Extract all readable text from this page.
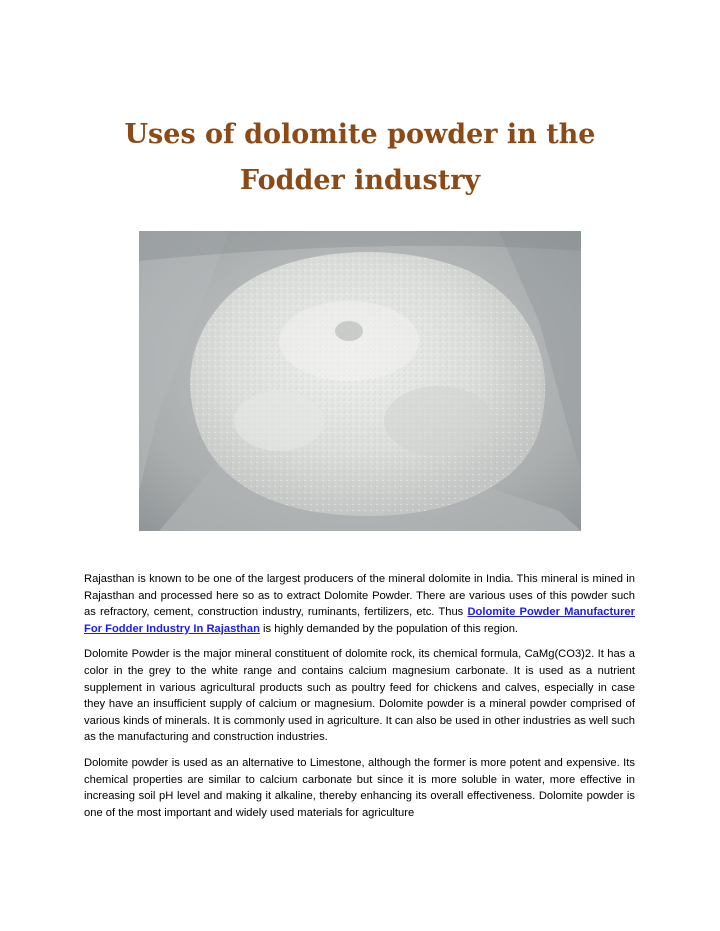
Uses of dolomite powder in the
Fodder industry

Rajasthan is known to be one of the largest producers of the mineral dolomite in India. This mineral is mined in Rajasthan and processed here so as to extract Dolomite Powder. There are various uses of this powder such as refractory, cement, construction industry, ruminants, fertilizers, etc. Thus Dolomite Powder Manufacturer For Fodder Industry In Rajasthan is highly demanded by the population of this region.

Dolomite Powder is the major mineral constituent of dolomite rock, its chemical formula, CaMg(CO3)2. It has a color in the grey to the white range and contains calcium magnesium carbonate. It is used as a nutrient supplement in various agricultural products such as poultry feed for chickens and calves, especially in case they have an insufficient supply of calcium or magnesium. Dolomite powder is a mineral powder comprised of various kinds of minerals. It is commonly used in agriculture. It can also be used in other industries as well such as the manufacturing and construction industries.

Dolomite powder is used as an alternative to Limestone, although the former is more potent and expensive. Its chemical properties are similar to calcium carbonate but since it is more soluble in water, more effective in increasing soil pH level and making it alkaline, thereby enhancing its overall effectiveness. Dolomite powder is one of the most important and widely used materials for agriculture
